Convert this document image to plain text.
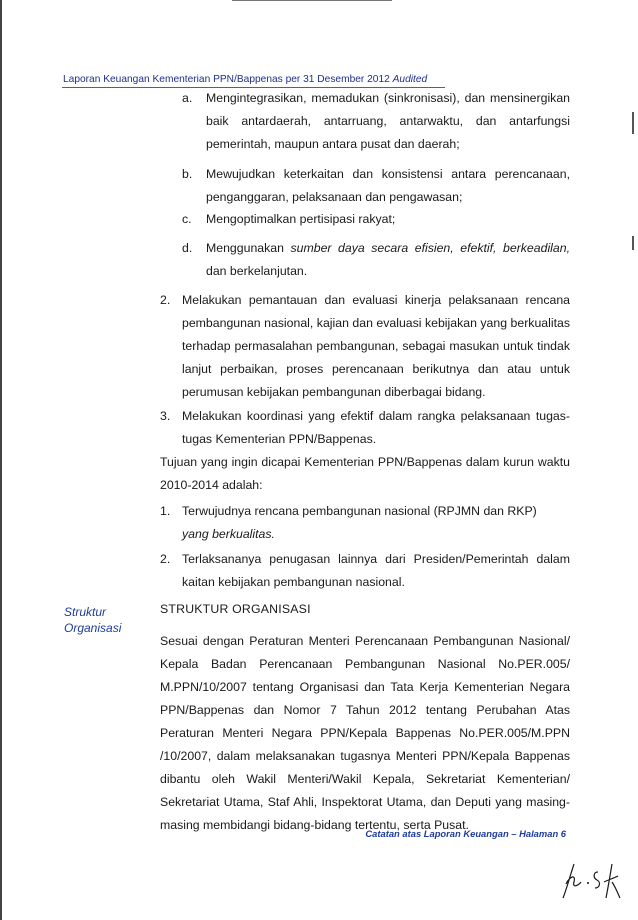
Laporan Keuangan Kementerian PPN/Bappenas per 31 Desember 2012 Audited
a. Mengintegrasikan, memadukan (sinkronisasi), dan mensinergikan baik antardaerah, antarruang, antarwaktu, dan antarfungsi pemerintah, maupun antara pusat dan daerah;
b. Mewujudkan keterkaitan dan konsistensi antara perencanaan, penganggaran, pelaksanaan dan pengawasan;
c. Mengoptimalkan pertisipasi rakyat;
d. Menggunakan sumber daya secara efisien, efektif, berkeadilan, dan berkelanjutan.
2. Melakukan pemantauan dan evaluasi kinerja pelaksanaan rencana pembangunan nasional, kajian dan evaluasi kebijakan yang berkualitas terhadap permasalahan pembangunan, sebagai masukan untuk tindak lanjut perbaikan, proses perencanaan berikutnya dan atau untuk perumusan kebijakan pembangunan diberbagai bidang.
3. Melakukan koordinasi yang efektif dalam rangka pelaksanaan tugas-tugas Kementerian PPN/Bappenas.
Tujuan yang ingin dicapai Kementerian PPN/Bappenas dalam kurun waktu 2010-2014 adalah:
1. Terwujudnya rencana pembangunan nasional (RPJMN dan RKP)
yang berkualitas.
2. Terlaksananya penugasan lainnya dari Presiden/Pemerintah dalam kaitan kebijakan pembangunan nasional.
Struktur
Organisasi
STRUKTUR ORGANISASI
Sesuai dengan Peraturan Menteri Perencanaan Pembangunan Nasional/ Kepala Badan Perencanaan Pembangunan Nasional No.PER.005/ M.PPN/10/2007 tentang Organisasi dan Tata Kerja Kementerian Negara PPN/Bappenas dan Nomor 7 Tahun 2012 tentang Perubahan Atas Peraturan Menteri Negara PPN/Kepala Bappenas No.PER.005/M.PPN /10/2007, dalam melaksanakan tugasnya Menteri PPN/Kepala Bappenas dibantu oleh Wakil Menteri/Wakil Kepala, Sekretariat Kementerian/ Sekretariat Utama, Staf Ahli, Inspektorat Utama, dan Deputi yang masing-masing membidangi bidang-bidang tertentu, serta Pusat.
Catatan atas Laporan Keuangan – Halaman 6
